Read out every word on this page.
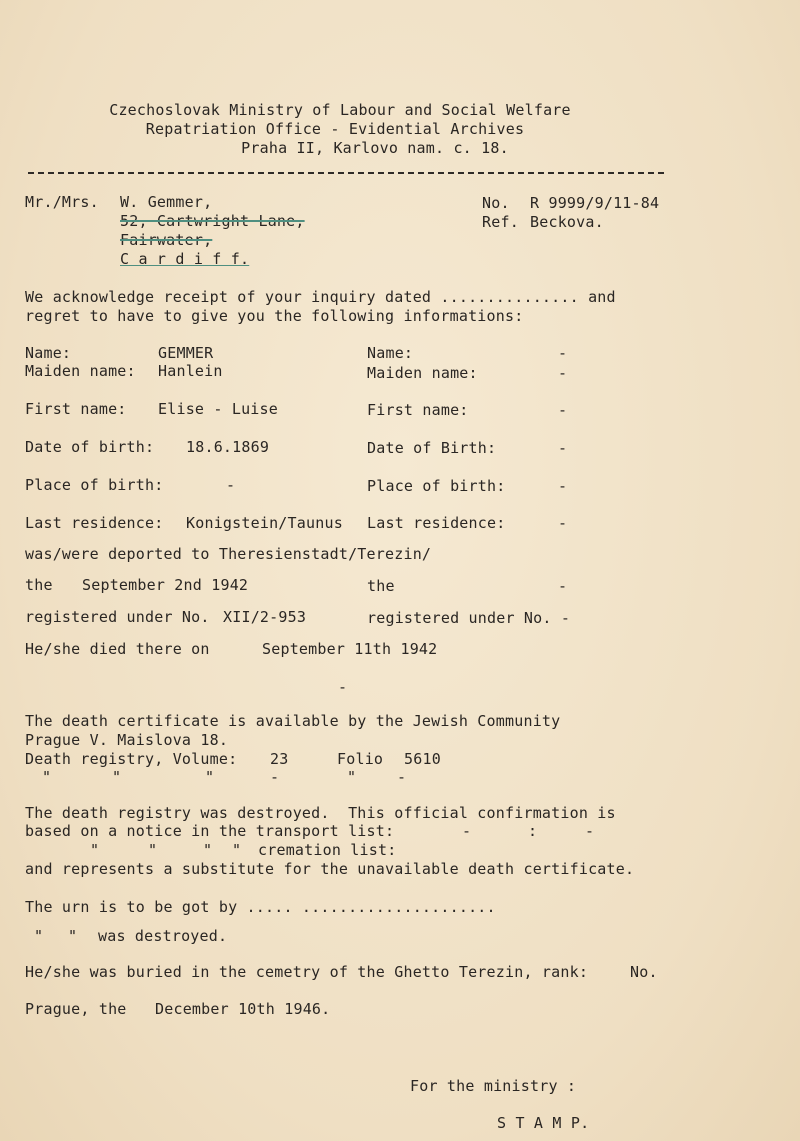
Czechoslovak Ministry of Labour and Social Welfare
Repatriation Office - Evidential Archives
Praha II, Karlovo nam. c. 18.
Mr./Mrs. W. Gemmer,
52, Cartwright Lane,
Fairwater,
C a r d i f f.
No. R 9999/9/11-84
Ref. Beckova.
We acknowledge receipt of your inquiry dated ............... and
regret to have to give you the following informations:
Name:	GEMMER
Maiden name: Hanlein
First name: Elise - Luise
Date of birth: 18.6.1869
Place of birth:	-
Last residence: Konigstein/Taunus
Name:	-
Maiden name:	-
First name:	-
Date of Birth:	-
Place of birth:	-
Last residence:	-
was/were deported to Theresienstadt/Terezin/
the September 2nd 1942	the	-
registered under No. XII/2-953	registered under No. -
He/she died there on	September 11th 1942
-
The death certificate is available by the Jewish Community
Prague V. Maislova 18.
Death registry, Volume: 23	Folio 5610
"	"	"	-	"	-
The death registry was destroyed.  This official confirmation is
based on a notice in the transport list:	-	:	-
"	"	" " cremation list:
and represents a substitute for the unavailable death certificate.
The urn is to be got by ..... .....................
" " was destroyed.
He/she was buried in the cemetry of the Ghetto Terezin, rank:	No.
Prague, the December 10th 1946.
For the ministry :
S T A M P.
